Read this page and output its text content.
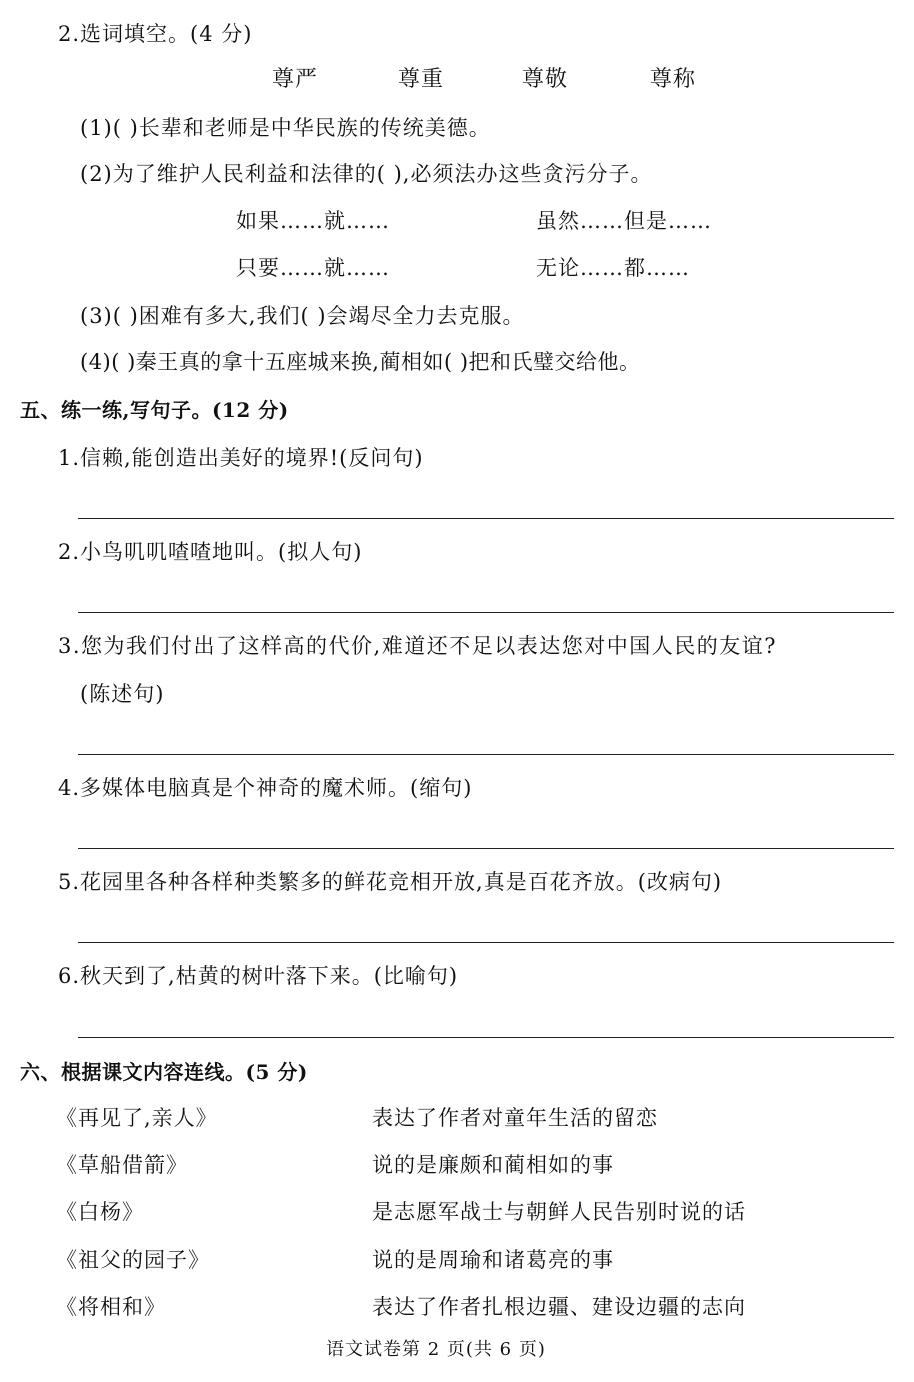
2.选词填空。(4 分)
尊严	尊重	尊敬	尊称
(1)( )长辈和老师是中华民族的传统美德。
(2)为了维护人民利益和法律的( ),必须法办这些贪污分子。
如果……就……	虽然……但是……
只要……就……	无论……都……
(3)( )困难有多大,我们( )会竭尽全力去克服。
(4)( )秦王真的拿十五座城来换,蔺相如( )把和氏璧交给他。
五、练一练,写句子。(12 分)
1.信赖,能创造出美好的境界!(反问句)
2.小鸟叽叽喳喳地叫。(拟人句)
3.您为我们付出了这样高的代价,难道还不足以表达您对中国人民的友谊?
(陈述句)
4.多媒体电脑真是个神奇的魔术师。(缩句)
5.花园里各种各样种类繁多的鲜花竞相开放,真是百花齐放。(改病句)
6.秋天到了,枯黄的树叶落下来。(比喻句)
六、根据课文内容连线。(5 分)
《再见了,亲人》	表达了作者对童年生活的留恋
《草船借箭》	说的是廉颇和蔺相如的事
《白杨》	是志愿军战士与朝鲜人民告别时说的话
《祖父的园子》	说的是周瑜和诸葛亮的事
《将相和》	表达了作者扎根边疆、建设边疆的志向
语文试卷第 2 页(共 6 页)
